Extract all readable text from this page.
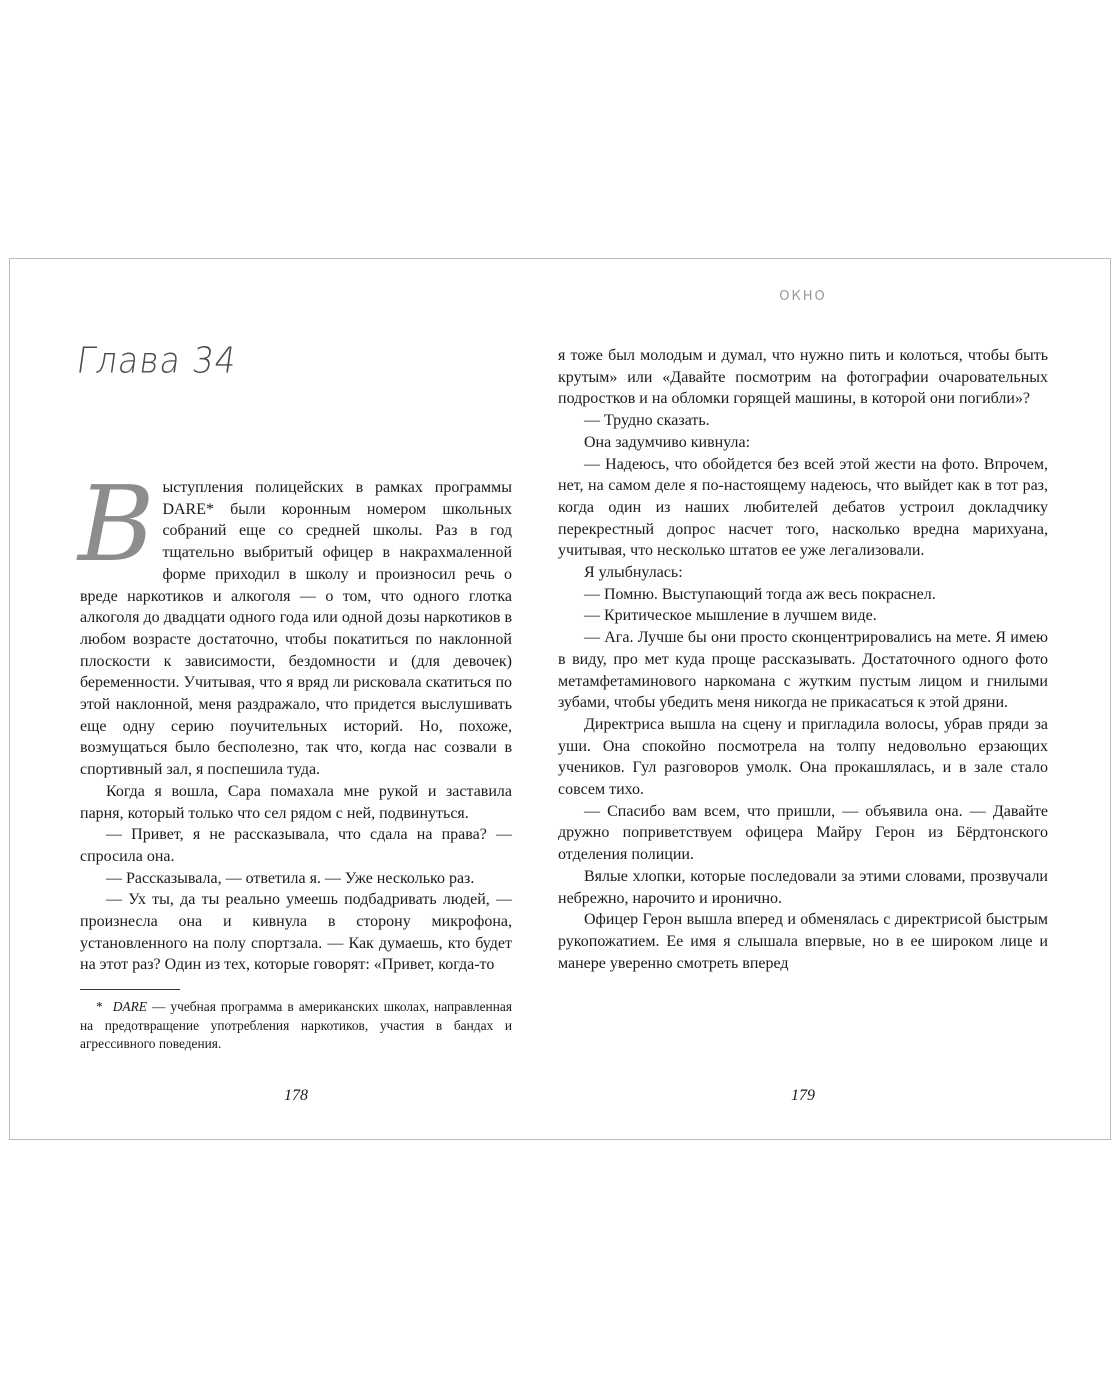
Глава 34

Выступления полицейских в рамках программы DARE* были коронным номером школьных собраний еще со средней школы. Раз в год тщательно выбритый офицер в накрахмаленной форме приходил в школу и произносил речь о вреде наркотиков и алкоголя — о том, что одного глотка алкоголя до двадцати одного года или одной дозы наркотиков в любом возрасте достаточно, чтобы покатиться по наклонной плоскости к зависимости, бездомности и (для девочек) беременности. Учитывая, что я вряд ли рисковала скатиться по этой наклонной, меня раздражало, что придется выслушивать еще одну серию поучительных историй. Но, похоже, возмущаться было бесполезно, так что, когда нас созвали в спортивный зал, я поспешила туда.

Когда я вошла, Сара помахала мне рукой и заставила парня, который только что сел рядом с ней, подвинуться.

— Привет, я не рассказывала, что сдала на права? — спросила она.

— Рассказывала, — ответила я. — Уже несколько раз.

— Ух ты, да ты реально умеешь подбадривать людей, — произнесла она и кивнула в сторону микрофона, установленного на полу спортзала. — Как думаешь, кто будет на этот раз? Один из тех, которые говорят: «Привет, когда-то

* DARE — учебная программа в американских школах, направленная на предотвращение употребления наркотиков, участия в бандах и агрессивного поведения.

178
ОКНО

я тоже был молодым и думал, что нужно пить и колоться, чтобы быть крутым» или «Давайте посмотрим на фотографии очаровательных подростков и на обломки горящей машины, в которой они погибли»?

— Трудно сказать.

Она задумчиво кивнула:

— Надеюсь, что обойдется без всей этой жести на фото. Впрочем, нет, на самом деле я по-настоящему надеюсь, что выйдет как в тот раз, когда один из наших любителей дебатов устроил докладчику перекрестный допрос насчет того, насколько вредна марихуана, учитывая, что несколько штатов ее уже легализовали.

Я улыбнулась:

— Помню. Выступающий тогда аж весь покраснел.

— Критическое мышление в лучшем виде.

— Ага. Лучше бы они просто сконцентрировались на мете. Я имею в виду, про мет куда проще рассказывать. Достаточного одного фото метамфетаминового наркомана с жутким пустым лицом и гнилыми зубами, чтобы убедить меня никогда не прикасаться к этой дряни.

Директриса вышла на сцену и пригладила волосы, убрав пряди за уши. Она спокойно посмотрела на толпу недовольно ерзающих учеников. Гул разговоров умолк. Она прокашлялась, и в зале стало совсем тихо.

— Спасибо вам всем, что пришли, — объявила она. — Давайте дружно поприветствуем офицера Майру Герон из Бёрдтонского отделения полиции.

Вялые хлопки, которые последовали за этими словами, прозвучали небрежно, нарочито и иронично.

Офицер Герон вышла вперед и обменялась с директрисой быстрым рукопожатием. Ее имя я слышала впервые, но в ее широком лице и манере уверенно смотреть вперед

179
